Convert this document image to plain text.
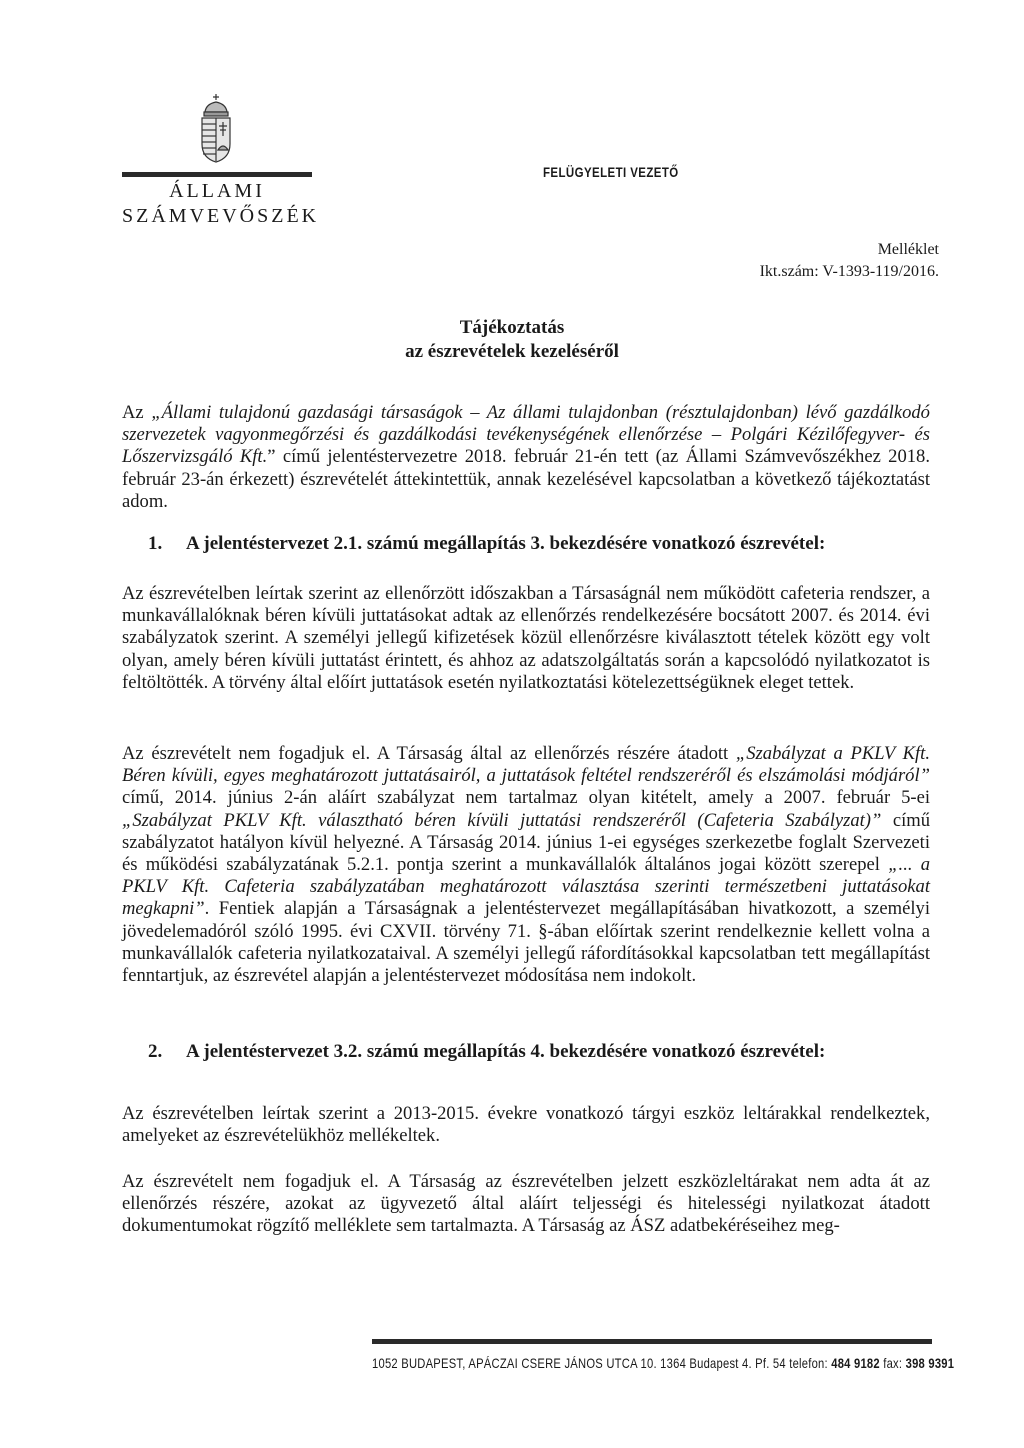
ÁLLAMI
SZÁMVEVŐSZÉK
FELÜGYELETI VEZETŐ
Melléklet
Ikt.szám: V-1393-119/2016.
Tájékoztatás
az észrevételek kezeléséről
Az „Állami tulajdonú gazdasági társaságok – Az állami tulajdonban (résztulajdonban) lévő gazdálkodó szervezetek vagyonmegőrzési és gazdálkodási tevékenységének ellenőrzése – Polgári Kézilőfegyver- és Lőszervizsgáló Kft.” című jelentéstervezetre 2018. február 21-én tett (az Állami Számvevőszékhez 2018. február 23-án érkezett) észrevételét áttekintettük, annak kezelésével kapcsolatban a következő tájékoztatást adom.
1. A jelentéstervezet 2.1. számú megállapítás 3. bekezdésére vonatkozó észrevétel:
Az észrevételben leírtak szerint az ellenőrzött időszakban a Társaságnál nem működött cafeteria rendszer, a munkavállalóknak béren kívüli juttatásokat adtak az ellenőrzés rendelkezésére bocsátott 2007. és 2014. évi szabályzatok szerint. A személyi jellegű kifizetések közül ellenőrzésre kiválasztott tételek között egy volt olyan, amely béren kívüli juttatást érintett, és ahhoz az adatszolgáltatás során a kapcsolódó nyilatkozatot is feltöltötték. A törvény által előírt juttatások esetén nyilatkoztatási kötelezettségüknek eleget tettek.
Az észrevételt nem fogadjuk el. A Társaság által az ellenőrzés részére átadott „Szabályzat a PKLV Kft. Béren kívüli, egyes meghatározott juttatásairól, a juttatások feltétel rendszeréről és elszámolási módjáról” című, 2014. június 2-án aláírt szabályzat nem tartalmaz olyan kitételt, amely a 2007. február 5-ei „Szabályzat PKLV Kft. választható béren kívüli juttatási rendszeréről (Cafeteria Szabályzat)” című szabályzatot hatályon kívül helyezné. A Társaság 2014. június 1-ei egységes szerkezetbe foglalt Szervezeti és működési szabályzatának 5.2.1. pontja szerint a munkavállalók általános jogai között szerepel „... a PKLV Kft. Cafeteria szabályzatában meghatározott választása szerinti természetbeni juttatásokat megkapni”. Fentiek alapján a Társaságnak a jelentéstervezet megállapításában hivatkozott, a személyi jövedelemadóról szóló 1995. évi CXVII. törvény 71. §-ában előírtak szerint rendelkeznie kellett volna a munkavállalók cafeteria nyilatkozataival. A személyi jellegű ráfordításokkal kapcsolatban tett megállapítást fenntartjuk, az észrevétel alapján a jelentéstervezet módosítása nem indokolt.
2. A jelentéstervezet 3.2. számú megállapítás 4. bekezdésére vonatkozó észrevétel:
Az észrevételben leírtak szerint a 2013-2015. évekre vonatkozó tárgyi eszköz leltárakkal rendelkeztek, amelyeket az észrevételükhöz mellékeltek.
Az észrevételt nem fogadjuk el. A Társaság az észrevételben jelzett eszközleltárakat nem adta át az ellenőrzés részére, azokat az ügyvezető által aláírt teljességi és hitelességi nyilatkozat átadott dokumentumokat rögzítő melléklete sem tartalmazta. A Társaság az ÁSZ adatbekéréseihez meg-
1052 BUDAPEST, APÁCZAI CSERE JÁNOS UTCA 10. 1364 Budapest 4. Pf. 54 telefon: 484 9182 fax: 398 9391
